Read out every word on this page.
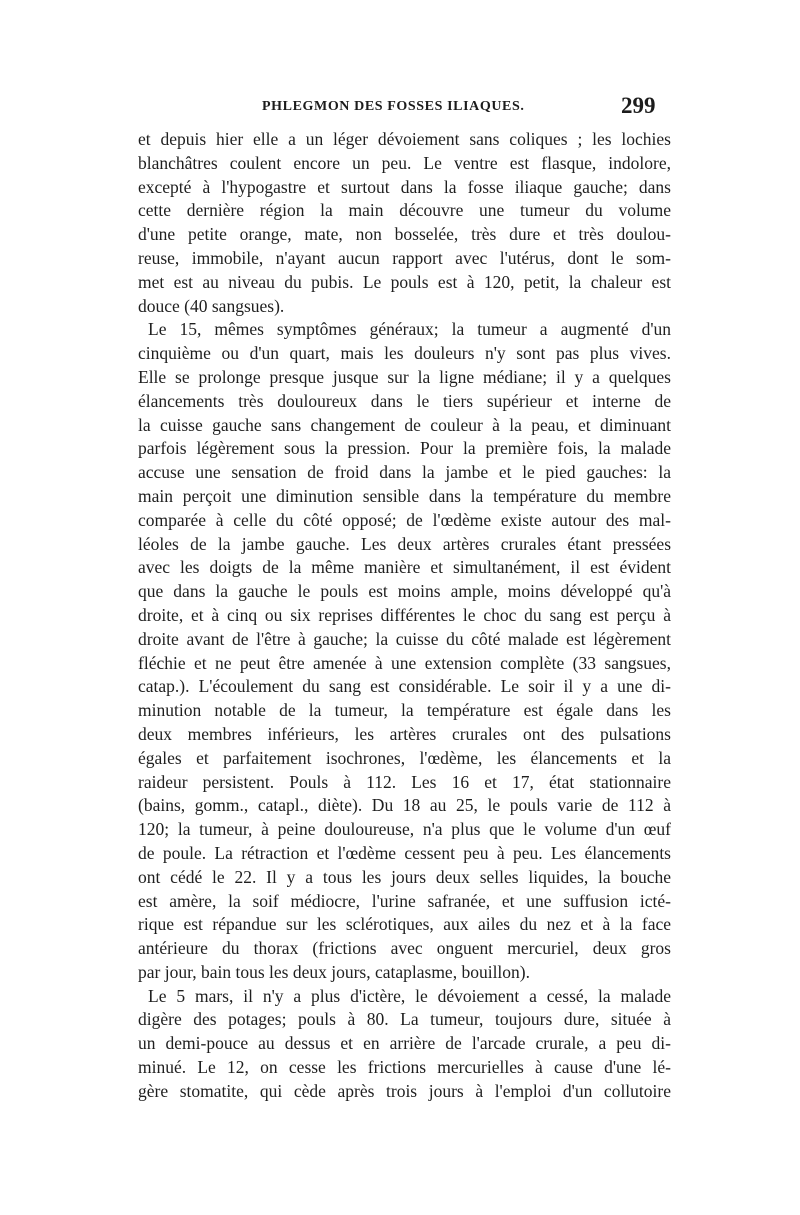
PHLEGMON DES FOSSES ILIAQUES.	299
et depuis hier elle a un léger dévoiement sans coliques ; les lochies
blanchâtres coulent encore un peu. Le ventre est flasque, indolore,
excepté à l'hypogastre et surtout dans la fosse iliaque gauche; dans
cette dernière région la main découvre une tumeur du volume
d'une petite orange, mate, non bosselée, très dure et très doulou-
reuse, immobile, n'ayant aucun rapport avec l'utérus, dont le som-
met est au niveau du pubis. Le pouls est à 120, petit, la chaleur est
douce (40 sangsues).
Le 15, mêmes symptômes généraux; la tumeur a augmenté d'un
cinquième ou d'un quart, mais les douleurs n'y sont pas plus vives.
Elle se prolonge presque jusque sur la ligne médiane; il y a quelques
élancements très douloureux dans le tiers supérieur et interne de
la cuisse gauche sans changement de couleur à la peau, et diminuant
parfois légèrement sous la pression. Pour la première fois, la malade
accuse une sensation de froid dans la jambe et le pied gauches: la
main perçoit une diminution sensible dans la température du membre
comparée à celle du côté opposé; de l'œdème existe autour des mal-
léoles de la jambe gauche. Les deux artères crurales étant pressées
avec les doigts de la même manière et simultanément, il est évident
que dans la gauche le pouls est moins ample, moins développé qu'à
droite, et à cinq ou six reprises différentes le choc du sang est perçu à
droite avant de l'être à gauche; la cuisse du côté malade est légèrement
fléchie et ne peut être amenée à une extension complète (33 sangsues,
catap.). L'écoulement du sang est considérable. Le soir il y a une di-
minution notable de la tumeur, la température est égale dans les
deux membres inférieurs, les artères crurales ont des pulsations
égales et parfaitement isochrones, l'œdème, les élancements et la
raideur persistent. Pouls à 112. Les 16 et 17, état stationnaire
(bains, gomm., catapl., diète). Du 18 au 25, le pouls varie de 112 à
120; la tumeur, à peine douloureuse, n'a plus que le volume d'un œuf
de poule. La rétraction et l'œdème cessent peu à peu. Les élancements
ont cédé le 22. Il y a tous les jours deux selles liquides, la bouche
est amère, la soif médiocre, l'urine safranée, et une suffusion icté-
rique est répandue sur les sclérotiques, aux ailes du nez et à la face
antérieure du thorax (frictions avec onguent mercuriel, deux gros
par jour, bain tous les deux jours, cataplasme, bouillon).
Le 5 mars, il n'y a plus d'ictère, le dévoiement a cessé, la malade
digère des potages; pouls à 80. La tumeur, toujours dure, située à
un demi-pouce au dessus et en arrière de l'arcade crurale, a peu di-
minué. Le 12, on cesse les frictions mercurielles à cause d'une lé-
gère stomatite, qui cède après trois jours à l'emploi d'un collutoire
